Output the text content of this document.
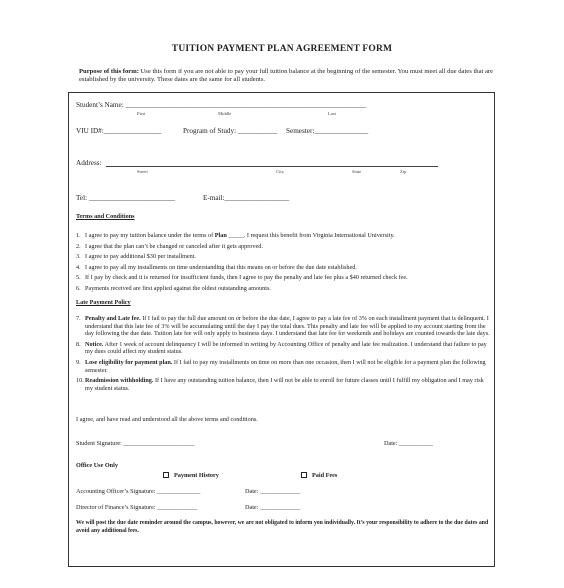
TUITION PAYMENT PLAN AGREEMENT FORM
Purpose of this form: Use this form if you are not able to pay your full tuition balance at the beginning of the semester. You must meet all due dates that are established by the university. These dates are the same for all students.
Student’s Name: ___________________________________________________________________
First	Middle	Last
VIU ID#:________________	Program of Study: ___________ Semester:_______________
Address:
Street	City	State	Zip
Tel: ________________________	E-mail:__________________
Terms and Conditions
1. I agree to pay my tuition balance under the terms of Plan _____. I request this benefit from Virginia International University.
2. I agree that the plan can’t be changed or canceled after it gets approved.
3. I agree to pay additional $30 per installment.
4. I agree to pay all my installments on time understanding that this means on or before the due date established.
5. If I pay by check and it is returned for insufficient funds, then I agree to pay the penalty and late fee plus a $40 returned check fee.
6. Payments received are first applied against the oldest outstanding amounts.
Late Payment Policy
7. Penalty and Late fee. If I fail to pay the full due amount on or before the due date, I agree to pay a late fee of 3% on each installment payment that is delinquent. I understand that this late fee of 3% will be accumulating until the day I pay the total dues. This penalty and late fee will be applied to my account starting from the day following the due date. Tuition late fee will only apply to business days. I understand that late fee for weekends and holidays are counted towards the late days.
8. Notice. After 1 week of account delinquency I will be informed in writing by Accounting Office of penalty and late fee realization. I understand that failure to pay my dues could affect my student status.
9. Lose eligibility for payment plan. If I fail to pay my installments on time on more than one occasion, then I will not be eligible for a payment plan the following semester.
10. Readmission withholding. If I have any outstanding tuition balance, then I will not be able to enroll for future classes until I fulfill my obligation and I may risk my student status.
I agree, and have read and understood all the above terms and conditions.
Student Signature: _______________________	Date: ___________
Office Use Only
Payment History	Paid Fees
Accounting Officer’s Signature: ______________	Date: _____________
Director of Finance’s Signature: _____________	Date: _____________
We will post the due date reminder around the campus, however, we are not obligated to inform you individually. It’s your responsibility to adhere to the due dates and avoid any additional fees.
